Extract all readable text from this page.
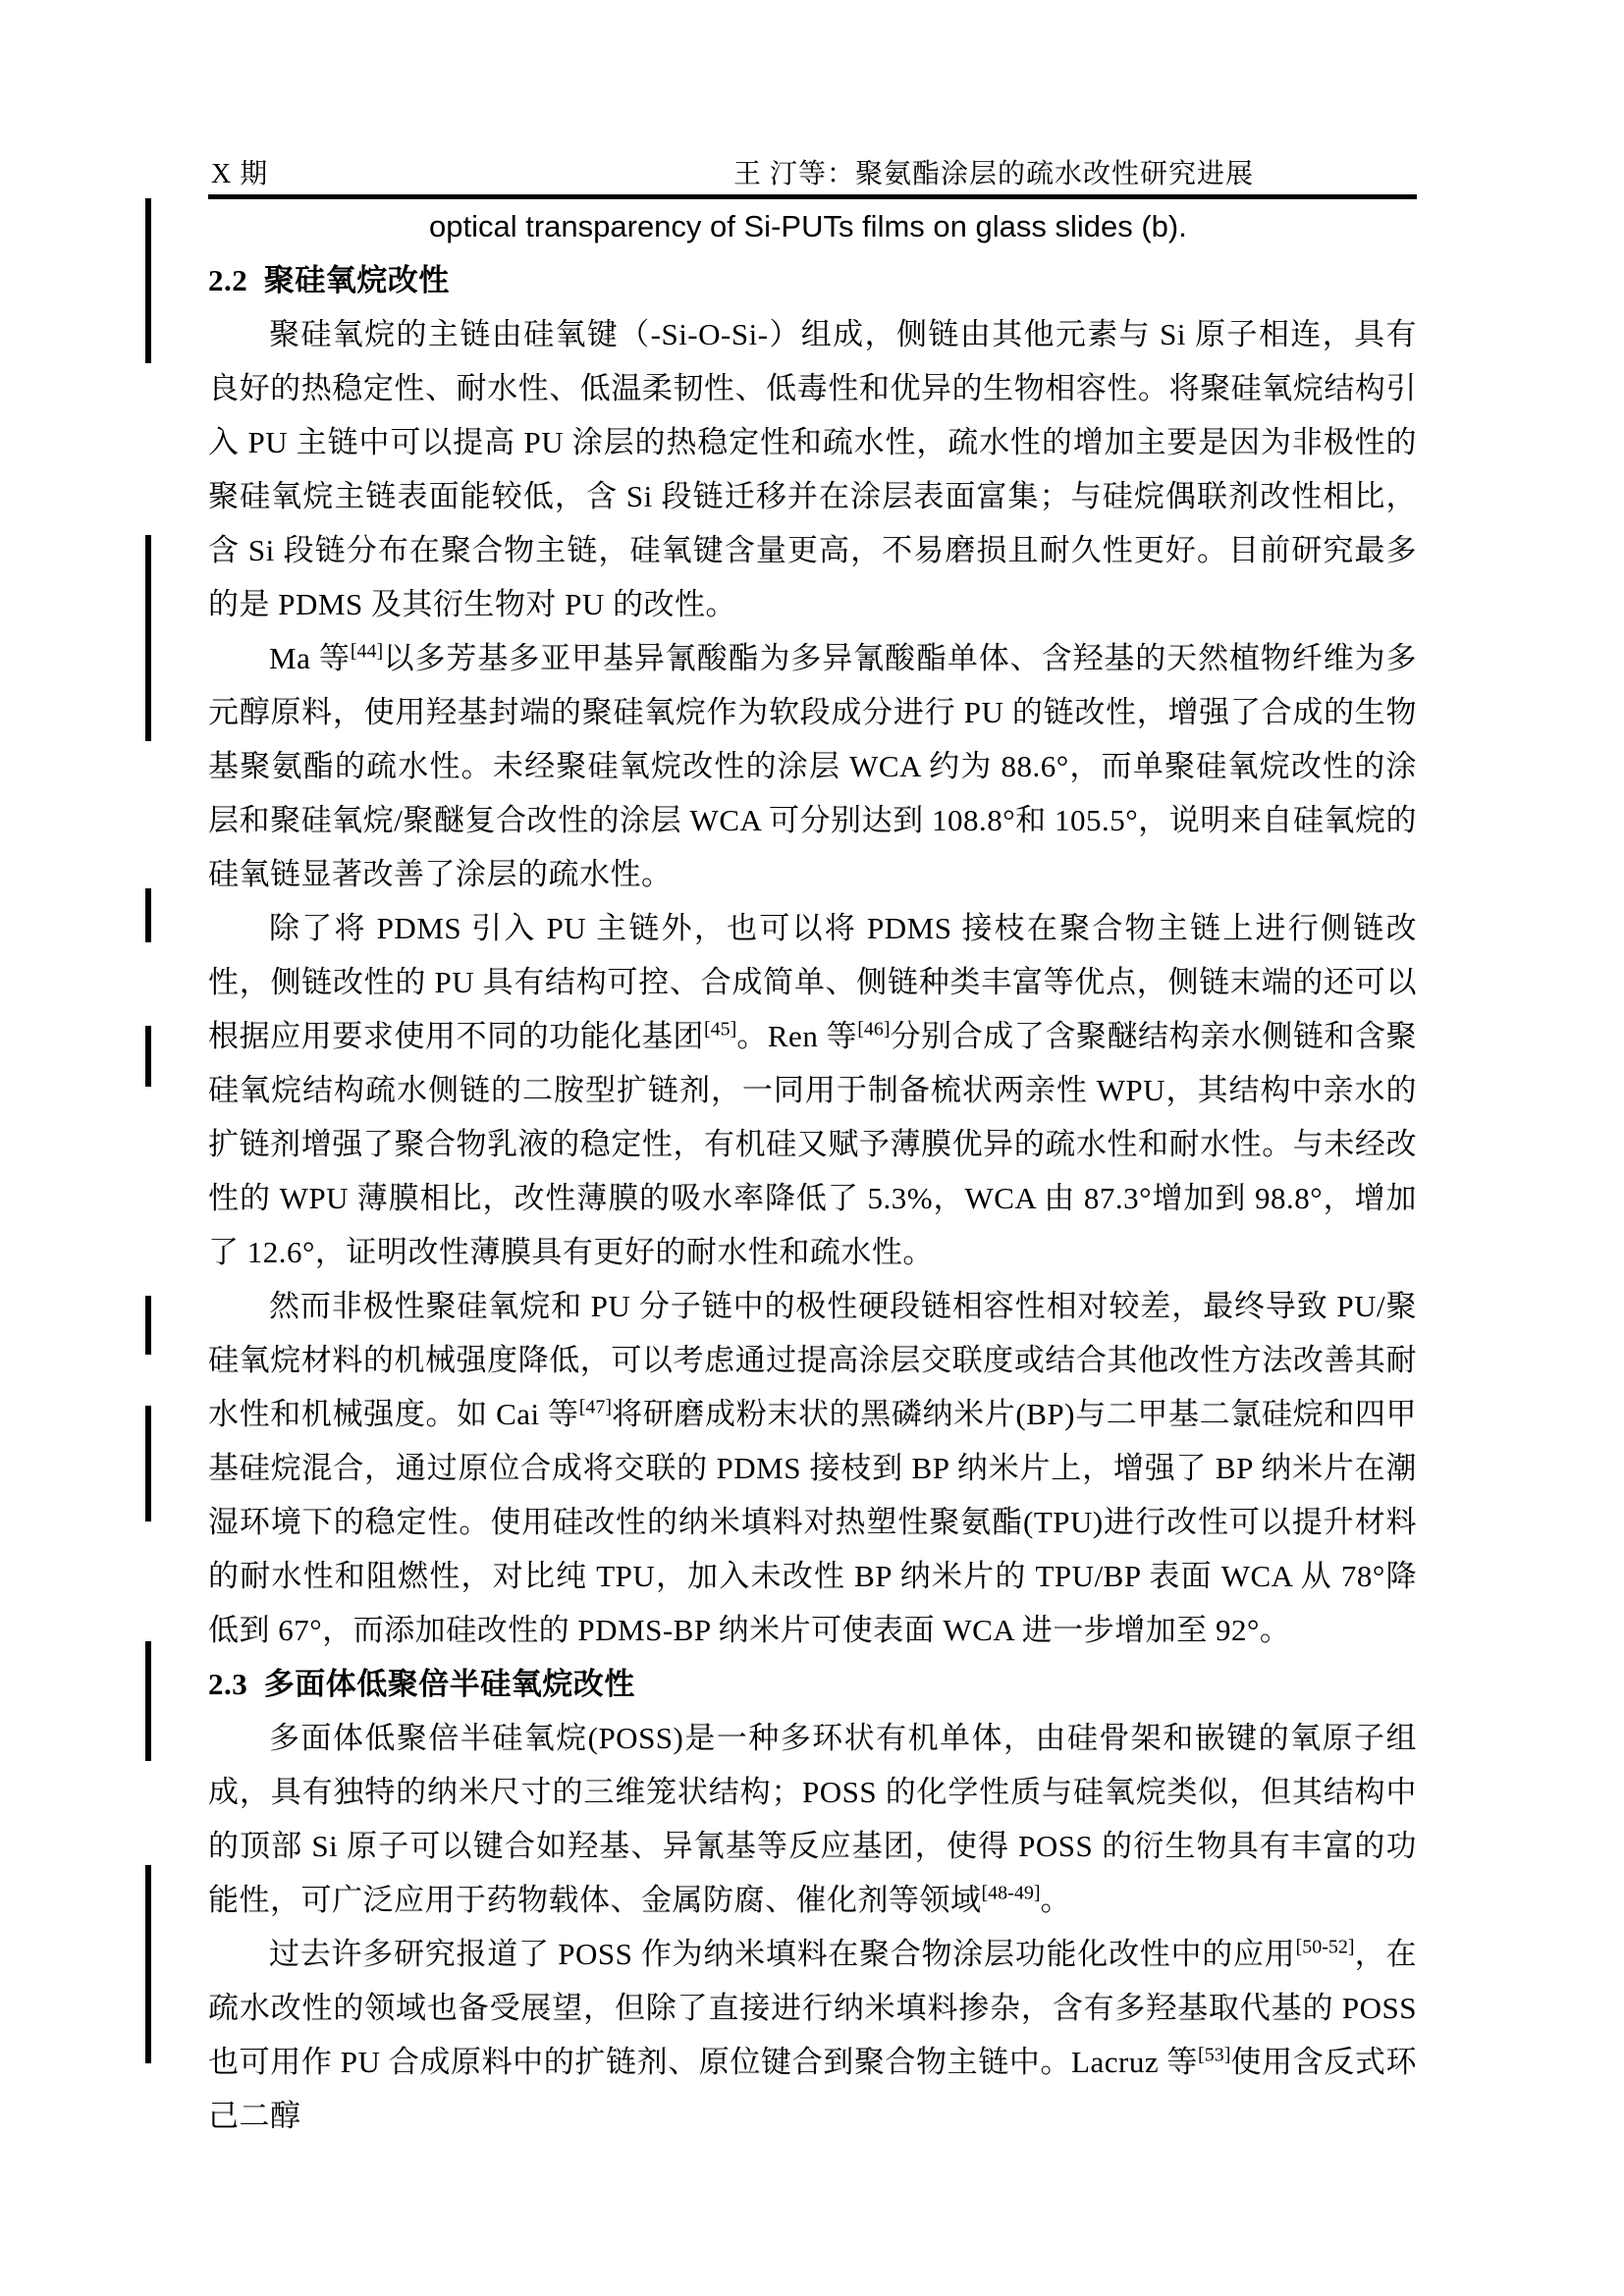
X 期	王 汀等：聚氨酯涂层的疏水改性研究进展

optical transparency of Si-PUTs films on glass slides (b).

2.2  聚硅氧烷改性

聚硅氧烷的主链由硅氧键（-Si-O-Si-）组成，侧链由其他元素与 Si 原子相连，具有良好的热稳定性、耐水性、低温柔韧性、低毒性和优异的生物相容性。将聚硅氧烷结构引入 PU 主链中可以提高 PU 涂层的热稳定性和疏水性，疏水性的增加主要是因为非极性的聚硅氧烷主链表面能较低，含 Si 段链迁移并在涂层表面富集；与硅烷偶联剂改性相比，含 Si 段链分布在聚合物主链，硅氧键含量更高，不易磨损且耐久性更好。目前研究最多的是 PDMS 及其衍生物对 PU 的改性。

Ma 等[44]以多芳基多亚甲基异氰酸酯为多异氰酸酯单体、含羟基的天然植物纤维为多元醇原料，使用羟基封端的聚硅氧烷作为软段成分进行 PU 的链改性，增强了合成的生物基聚氨酯的疏水性。未经聚硅氧烷改性的涂层 WCA 约为 88.6°，而单聚硅氧烷改性的涂层和聚硅氧烷/聚醚复合改性的涂层 WCA 可分别达到 108.8°和 105.5°，说明来自硅氧烷的硅氧链显著改善了涂层的疏水性。

除了将 PDMS 引入 PU 主链外，也可以将 PDMS 接枝在聚合物主链上进行侧链改性，侧链改性的 PU 具有结构可控、合成简单、侧链种类丰富等优点，侧链末端的还可以根据应用要求使用不同的功能化基团[45]。Ren 等[46]分别合成了含聚醚结构亲水侧链和含聚硅氧烷结构疏水侧链的二胺型扩链剂，一同用于制备梳状两亲性 WPU，其结构中亲水的扩链剂增强了聚合物乳液的稳定性，有机硅又赋予薄膜优异的疏水性和耐水性。与未经改性的 WPU 薄膜相比，改性薄膜的吸水率降低了 5.3%，WCA 由 87.3°增加到 98.8°，增加了 12.6°，证明改性薄膜具有更好的耐水性和疏水性。

然而非极性聚硅氧烷和 PU 分子链中的极性硬段链相容性相对较差，最终导致 PU/聚硅氧烷材料的机械强度降低，可以考虑通过提高涂层交联度或结合其他改性方法改善其耐水性和机械强度。如 Cai 等[47]将研磨成粉末状的黑磷纳米片(BP)与二甲基二氯硅烷和四甲基硅烷混合，通过原位合成将交联的 PDMS 接枝到 BP 纳米片上，增强了 BP 纳米片在潮湿环境下的稳定性。使用硅改性的纳米填料对热塑性聚氨酯(TPU)进行改性可以提升材料的耐水性和阻燃性，对比纯 TPU，加入未改性 BP 纳米片的 TPU/BP 表面 WCA 从 78°降低到 67°，而添加硅改性的 PDMS-BP 纳米片可使表面 WCA 进一步增加至 92°。

2.3  多面体低聚倍半硅氧烷改性

多面体低聚倍半硅氧烷(POSS)是一种多环状有机单体，由硅骨架和嵌键的氧原子组成，具有独特的纳米尺寸的三维笼状结构；POSS 的化学性质与硅氧烷类似，但其结构中的顶部 Si 原子可以键合如羟基、异氰基等反应基团，使得 POSS 的衍生物具有丰富的功能性，可广泛应用于药物载体、金属防腐、催化剂等领域[48-49]。

过去许多研究报道了 POSS 作为纳米填料在聚合物涂层功能化改性中的应用[50-52]，在疏水改性的领域也备受展望，但除了直接进行纳米填料掺杂，含有多羟基取代基的 POSS 也可用作 PU 合成原料中的扩链剂、原位键合到聚合物主链中。Lacruz 等[53]使用含反式环己二醇
